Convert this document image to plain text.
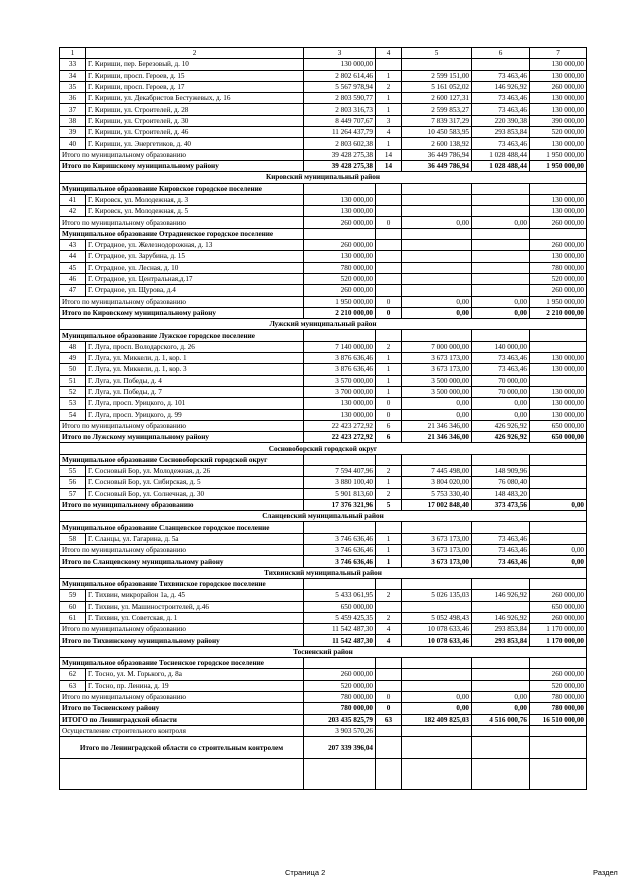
1	2	3	4	5	6	7
33	Г. Кириши, пер. Березовый, д. 10	130 000,00				130 000,00
34	Г. Кириши, просп. Героев, д. 15	2 802 614,46	1	2 599 151,00	73 463,46	130 000,00
35	Г. Кириши, просп. Героев, д. 17	5 567 978,94	2	5 161 052,02	146 926,92	260 000,00
36	Г. Кириши, ул. Декабристов Бестужевых, д. 16	2 803 590,77	1	2 600 127,31	73 463,46	130 000,00
37	Г. Кириши, ул. Строителей, д. 28	2 803 316,73	1	2 599 853,27	73 463,46	130 000,00
38	Г. Кириши, ул. Строителей, д. 30	8 449 707,67	3	7 839 317,29	220 390,38	390 000,00
39	Г. Кириши, ул. Строителей, д. 46	11 264 437,79	4	10 450 583,95	293 853,84	520 000,00
40	Г. Кириши, ул. Энергетиков, д. 40	2 803 602,38	1	2 600 138,92	73 463,46	130 000,00
Итого по муниципальному образованию		39 428 275,38	14	36 449 786,94	1 028 488,44	1 950 000,00
Итого по Киришскому муниципальному району		39 428 275,38	14	36 449 786,94	1 028 488,44	1 950 000,00
Кировский муниципальный район						
Муниципальное образование Кировское городское поселение						
41	Г. Кировск, ул. Молодежная, д. 3	130 000,00				130 000,00
42	Г. Кировск, ул. Молодежная, д. 5	130 000,00				130 000,00
Итого по муниципальному образованию		260 000,00	0	0,00	0,00	260 000,00
Муниципальное образование Отрадненское городское поселение						
43	Г. Отрадное, ул. Железнодорожная, д. 13	260 000,00				260 000,00
44	Г. Отрадное, ул. Зарубина, д. 15	130 000,00				130 000,00
45	Г. Отрадное, ул. Лесная, д. 10	780 000,00				780 000,00
46	Г. Отрадное, ул. Центральная,д.17	520 000,00				520 000,00
47	Г. Отрадное, ул. Щурова, д.4	260 000,00				260 000,00
Итого по муниципальному образованию		1 950 000,00	0	0,00	0,00	1 950 000,00
Итого по Кировскому муниципальному району		2 210 000,00	0	0,00	0,00	2 210 000,00
Лужский муниципальный район						
Муниципальное образование Лужское городское поселение						
48	Г. Луга, просп. Володарского, д. 26	7 140 000,00	2	7 000 000,00	140 000,00	
49	Г. Луга, ул. Миккели, д. 1, кор. 1	3 876 636,46	1	3 673 173,00	73 463,46	130 000,00
50	Г. Луга, ул. Миккели, д. 1, кор. 3	3 876 636,46	1	3 673 173,00	73 463,46	130 000,00
51	Г. Луга, ул. Победы, д. 4	3 570 000,00	1	3 500 000,00	70 000,00	
52	Г. Луга, ул. Победы, д. 7	3 700 000,00	1	3 500 000,00	70 000,00	130 000,00
53	Г. Луга, просп. Урицкого, д. 101	130 000,00	0	0,00	0,00	130 000,00
54	Г. Луга, просп. Урицкого, д. 99	130 000,00	0	0,00	0,00	130 000,00
Итого по муниципальному образованию		22 423 272,92	6	21 346 346,00	426 926,92	650 000,00
Итого по Лужскому муниципальному району		22 423 272,92	6	21 346 346,00	426 926,92	650 000,00
Сосновоборский городской округ						
Муниципальное образование Сосновоборский городской округ						
55	Г. Сосновый Бор, ул. Молодежная, д. 26	7 594 407,96	2	7 445 498,00	148 909,96	
56	Г. Сосновый Бор, ул. Сибирская, д. 5	3 880 100,40	1	3 804 020,00	76 080,40	
57	Г. Сосновый Бор, ул. Солнечная, д. 30	5 901 813,60	2	5 753 330,40	148 483,20	
Итого по муниципальному образованию		17 376 321,96	5	17 002 848,40	373 473,56	0,00
Сланцевский муниципальный район						
Муниципальное образование Сланцевское городское поселение						
58	Г. Сланцы, ул. Гагарина, д. 5а	3 746 636,46	1	3 673 173,00	73 463,46	
Итого по муниципальному образованию		3 746 636,46	1	3 673 173,00	73 463,46	0,00
Итого по Сланцевскому муниципальному району		3 746 636,46	1	3 673 173,00	73 463,46	0,00
Тихвинский муниципальный район						
Муниципальное образование Тихвинское городское поселение						
59	Г. Тихвин, микрорайон 1а, д. 45	5 433 061,95	2	5 026 135,03	146 926,92	260 000,00
60	Г. Тихвин, ул. Машиностроителей, д.46	650 000,00				650 000,00
61	Г. Тихвин, ул. Советская, д. 1	5 459 425,35	2	5 052 498,43	146 926,92	260 000,00
Итого по муниципальному образованию		11 542 487,30	4	10 078 633,46	293 853,84	1 170 000,00
Итого по Тихвинскому муниципальному району		11 542 487,30	4	10 078 633,46	293 853,84	1 170 000,00
Тосненский район						
Муниципальное образование Тосненское городское поселение						
62	Г. Тосно, ул. М. Горького, д. 8а	260 000,00				260 000,00
63	Г. Тосно, пр. Ленина, д. 19	520 000,00				520 000,00
Итого по муниципальному образованию		780 000,00	0	0,00	0,00	780 000,00
Итого по Тосненскому району		780 000,00	0	0,00	0,00	780 000,00
ИТОГО по Ленинградской области		203 435 825,79	63	182 409 825,03	4 516 000,76	16 510 000,00
Осуществление строительного контроля		3 903 570,26				
Итого по Ленинградской области со строительным контролем		207 339 396,04				

Страница 2	Раздел
